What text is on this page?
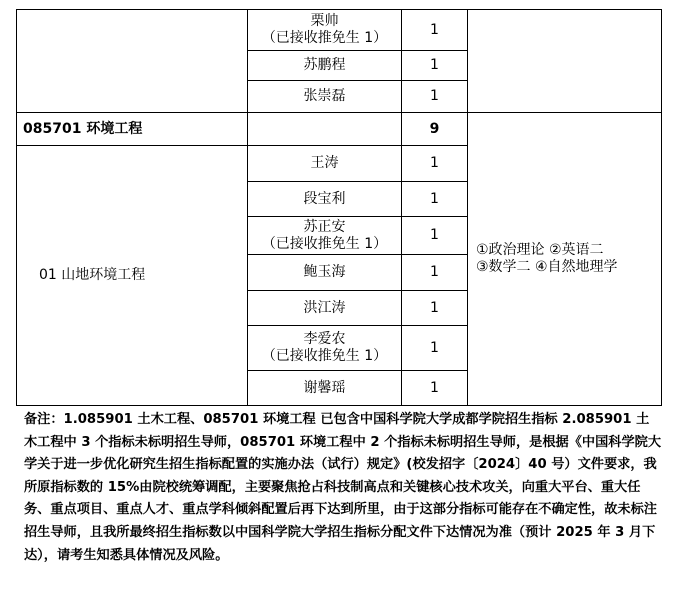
	栗帅
（已接收推免生 1）	1	
	苏鹏程	1	
	张崇磊	1	
085701 环境工程		9	①政治理论 ②英语二
③数学二 ④自然地理学

01 山地环境工程	王涛	1	
	段宝利	1	

	苏正安
（已接收推免生 1）	1	
	鲍玉海	1	
	洪江涛	1	

	李爱农
（已接收推免生 1）	1	
	谢馨瑶	1	
备注：1.085901 土木工程、085701 环境工程 已包含中国科学院大学成都学院招生指标 2.085901 土木工程中 3 个指标未标明招生导师，085701 环境工程中 2 个指标未标明招生导师，是根据《中国科学院大学关于进一步优化研究生招生指标配置的实施办法（试行）规定》(校发招字〔2024〕40 号）文件要求，我所原指标数的 15%由院校统筹调配，主要聚焦抢占科技制高点和关键核心技术攻关，向重大平台、重大任务、重点项目、重点人才、重点学科倾斜配置后再下达到所里，由于这部分指标可能存在不确定性，故未标注招生导师，且我所最终招生指标数以中国科学院大学招生指标分配文件下达情况为准（预计 2025 年 3 月下达），请考生知悉具体情况及风险。
